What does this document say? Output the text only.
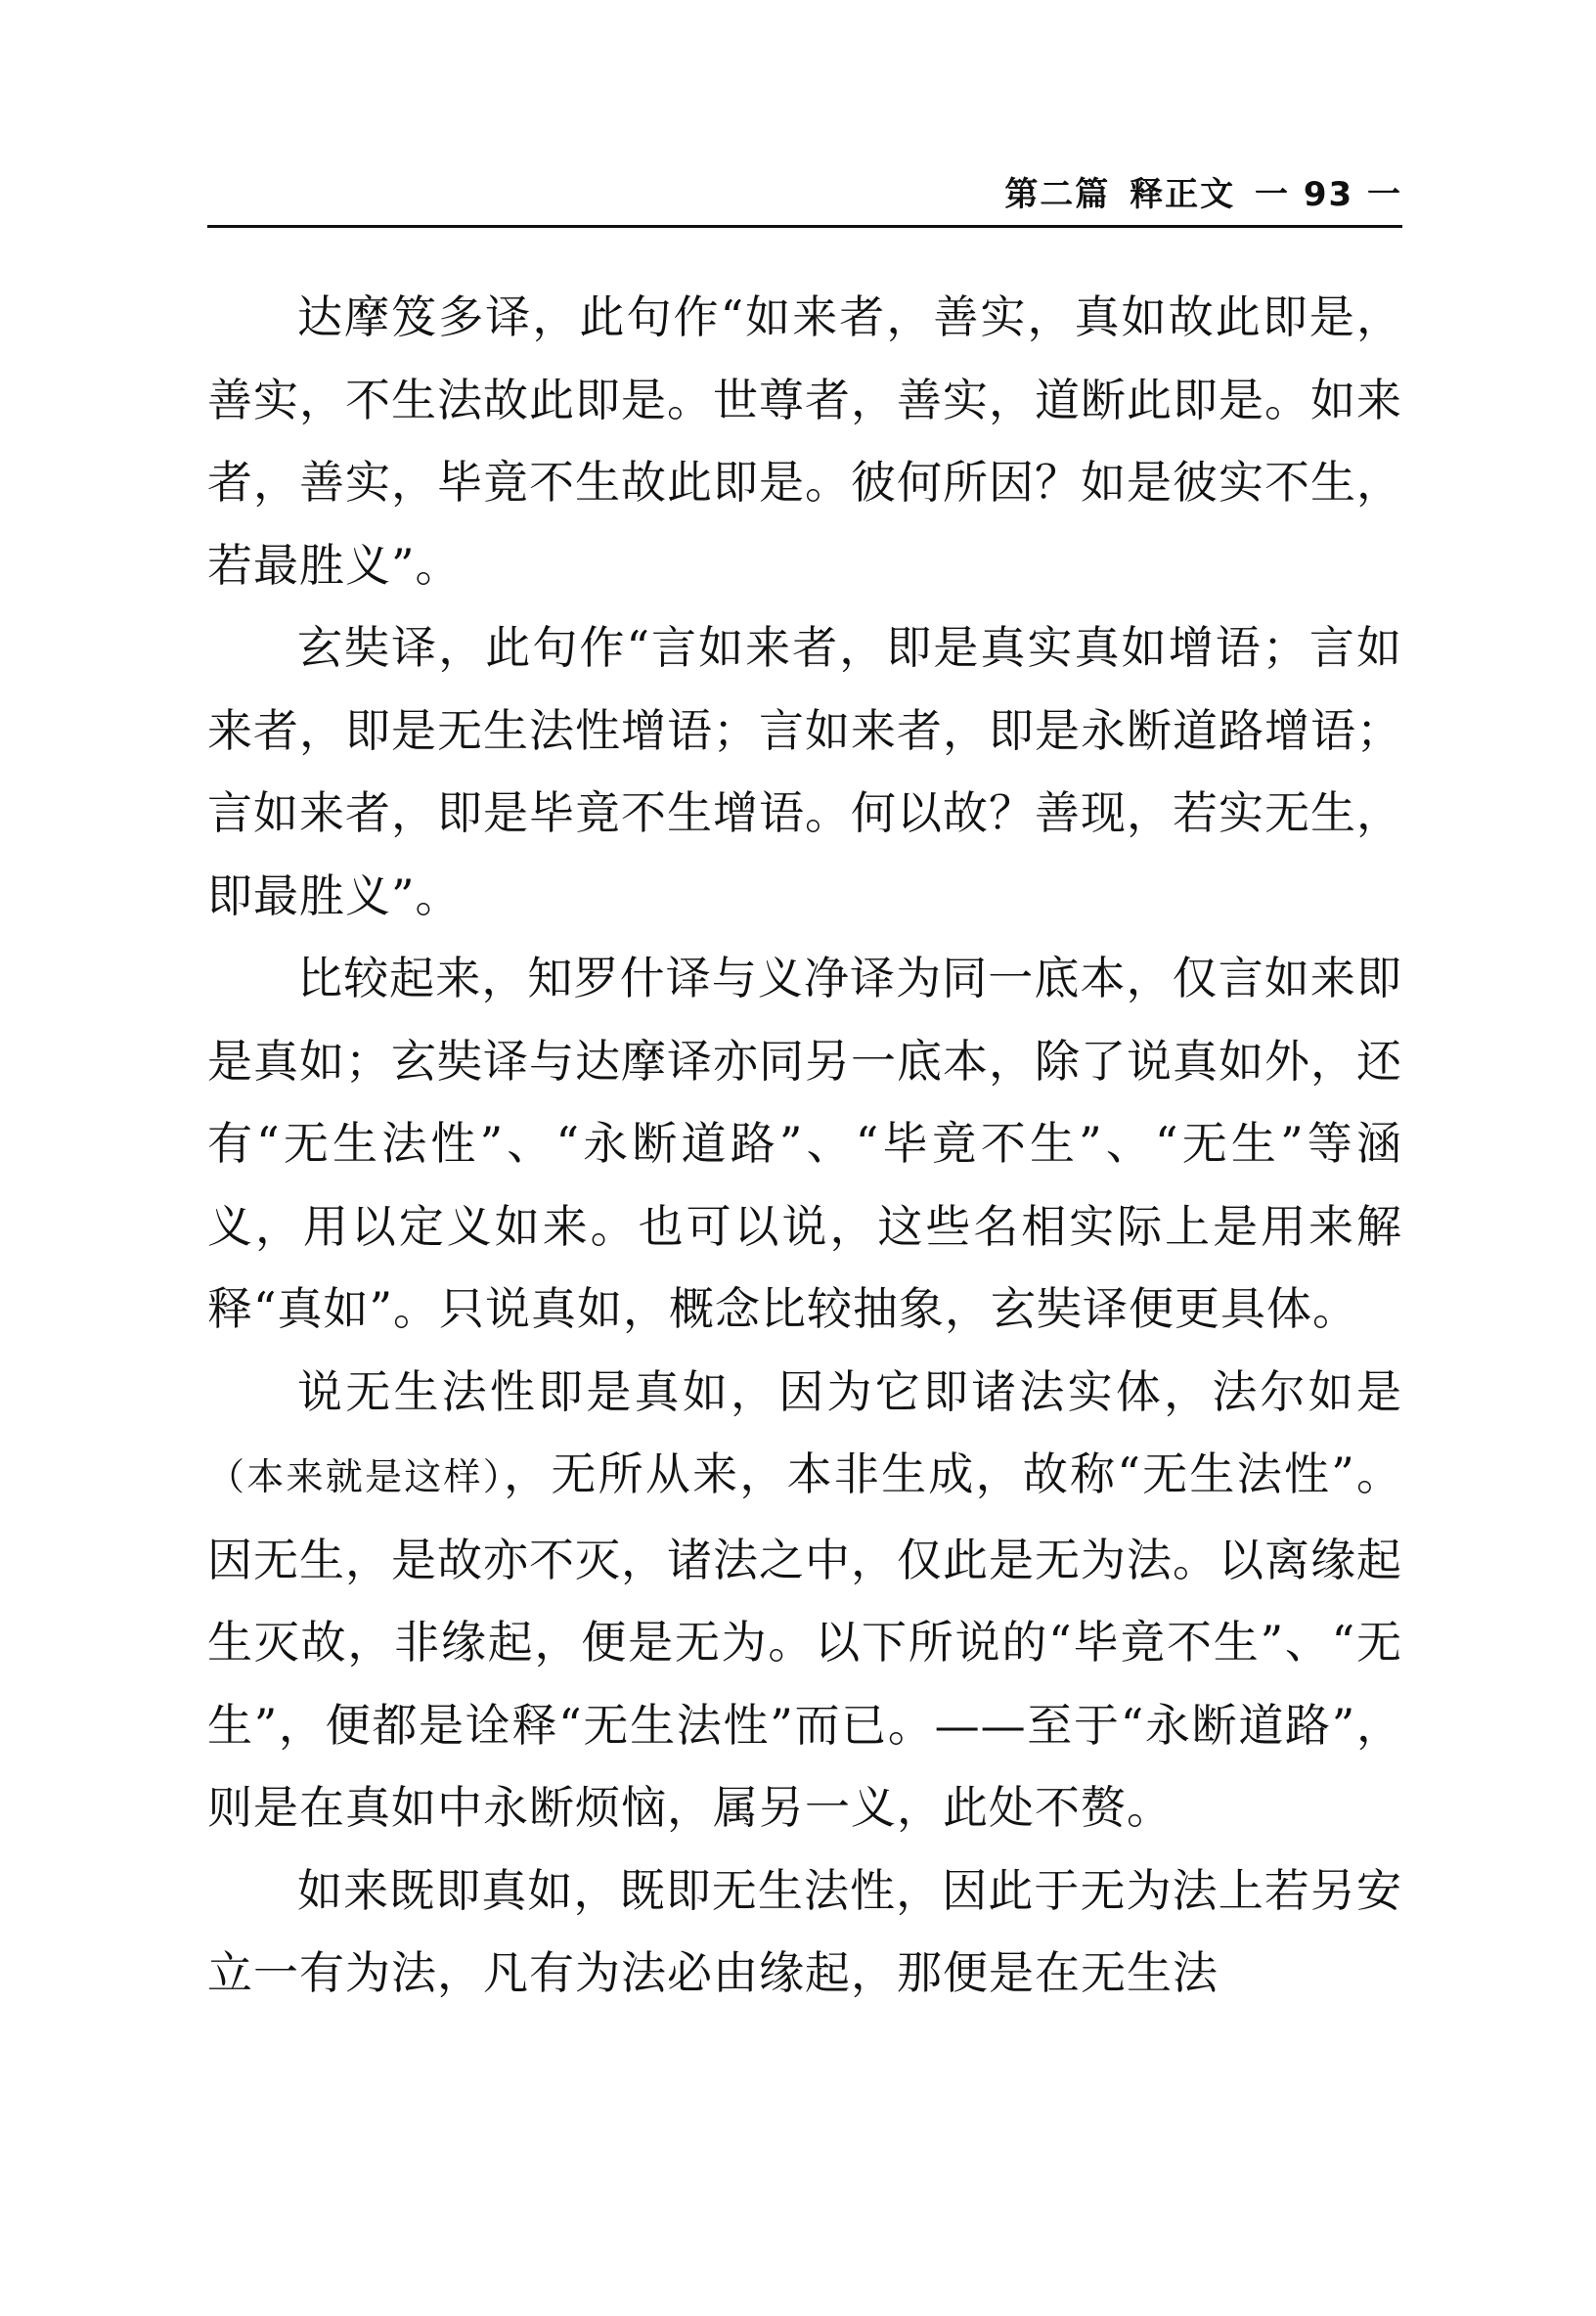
第二篇 释正文 一 93 一

达摩笈多译，此句作“如来者，善实，真如故此即是，善实，不生法故此即是。世尊者，善实，道断此即是。如来者，善实，毕竟不生故此即是。彼何所因？如是彼实不生，若最胜义”。

玄奘译，此句作“言如来者，即是真实真如增语；言如来者，即是无生法性增语；言如来者，即是永断道路增语；言如来者，即是毕竟不生增语。何以故？善现，若实无生，即最胜义”。

比较起来，知罗什译与义净译为同一底本，仅言如来即是真如；玄奘译与达摩译亦同另一底本，除了说真如外，还有“无生法性”、“永断道路”、“毕竟不生”、“无生”等涵义，用以定义如来。也可以说，这些名相实际上是用来解释“真如”。只说真如，概念比较抽象，玄奘译便更具体。

说无生法性即是真如，因为它即诸法实体，法尔如是（本来就是这样），无所从来，本非生成，故称“无生法性”。因无生，是故亦不灭，诸法之中，仅此是无为法。以离缘起生灭故，非缘起，便是无为。以下所说的“毕竟不生”、“无生”，便都是诠释“无生法性”而已。——至于“永断道路”，则是在真如中永断烦恼，属另一义，此处不赘。

如来既即真如，既即无生法性，因此于无为法上若另安立一有为法，凡有为法必由缘起，那便是在无生法
